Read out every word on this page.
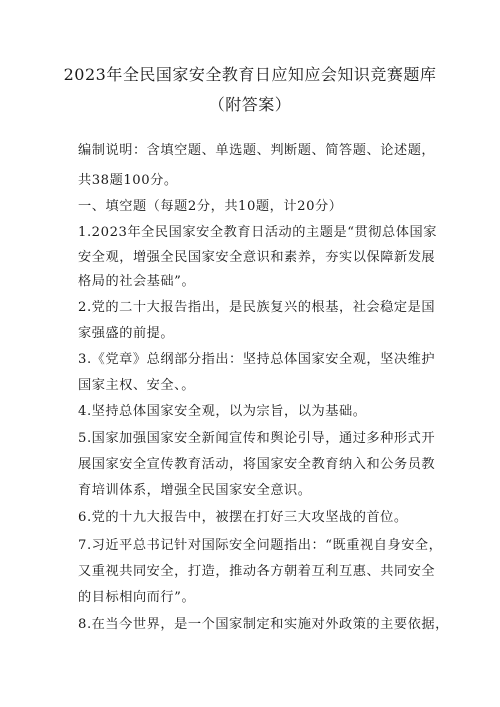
2023年全民国家安全教育日应知应会知识竞赛题库
（附答案）
编制说明：含填空题、单选题、判断题、简答题、论述题，
共38题100分。
一、填空题（每题2分，共10题，计20分）
1.2023年全民国家安全教育日活动的主题是“贯彻总体国家
安全观，增强全民国家安全意识和素养，夯实以保障新发展
格局的社会基础”。
2.党的二十大报告指出，是民族复兴的根基，社会稳定是国
家强盛的前提。
3.《党章》总纲部分指出：坚持总体国家安全观，坚决维护
国家主权、安全、。
4.坚持总体国家安全观，以为宗旨，以为基础。
5.国家加强国家安全新闻宣传和舆论引导，通过多种形式开
展国家安全宣传教育活动，将国家安全教育纳入和公务员教
育培训体系，增强全民国家安全意识。
6.党的十九大报告中，被摆在打好三大攻坚战的首位。
7.习近平总书记针对国际安全问题指出：“既重视自身安全，
又重视共同安全，打造，推动各方朝着互利互惠、共同安全
的目标相向而行”。
8.在当今世界，是一个国家制定和实施对外政策的主要依据，
